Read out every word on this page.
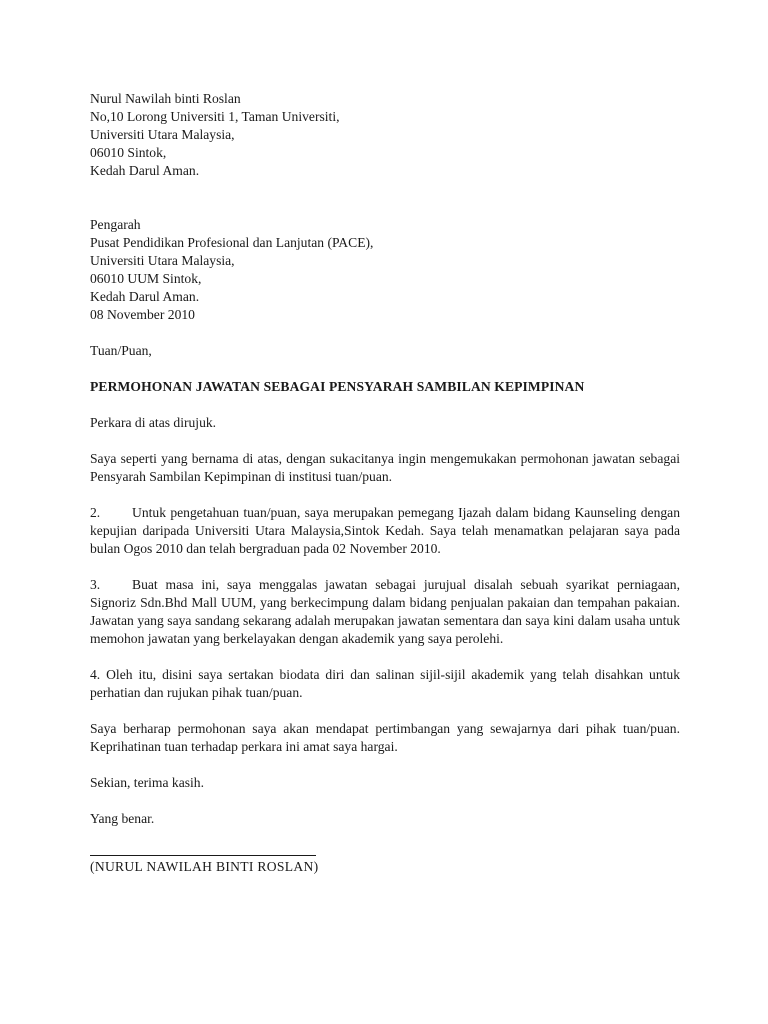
Nurul Nawilah binti Roslan
No,10 Lorong Universiti 1, Taman Universiti,
Universiti Utara Malaysia,
06010 Sintok,
Kedah Darul Aman.
Pengarah
Pusat Pendidikan Profesional dan Lanjutan (PACE),
Universiti Utara Malaysia,
06010 UUM Sintok,
Kedah Darul Aman.
08 November 2010
Tuan/Puan,
PERMOHONAN JAWATAN SEBAGAI PENSYARAH SAMBILAN KEPIMPINAN

Perkara di atas dirujuk.

Saya seperti yang bernama di atas, dengan sukacitanya ingin mengemukakan permohonan jawatan sebagai Pensyarah Sambilan Kepimpinan di institusi tuan/puan.

2. Untuk pengetahuan tuan/puan, saya merupakan pemegang Ijazah dalam bidang Kaunseling dengan kepujian daripada Universiti Utara Malaysia,Sintok Kedah. Saya telah menamatkan pelajaran saya pada bulan Ogos 2010 dan telah bergraduan pada 02 November 2010.

3. Buat masa ini, saya menggalas jawatan sebagai jurujual disalah sebuah syarikat perniagaan, Signoriz Sdn.Bhd Mall UUM, yang berkecimpung dalam bidang penjualan pakaian dan tempahan pakaian. Jawatan yang saya sandang sekarang adalah merupakan jawatan sementara dan saya kini dalam usaha untuk memohon jawatan yang berkelayakan dengan akademik yang saya perolehi.

4. Oleh itu, disini saya sertakan biodata diri dan salinan sijil-sijil akademik yang telah disahkan untuk perhatian dan rujukan pihak tuan/puan.

Saya berharap permohonan saya akan mendapat pertimbangan yang sewajarnya dari pihak tuan/puan. Keprihatinan tuan terhadap perkara ini amat saya hargai.

Sekian, terima kasih.
Yang benar.
(NURUL NAWILAH BINTI ROSLAN)
